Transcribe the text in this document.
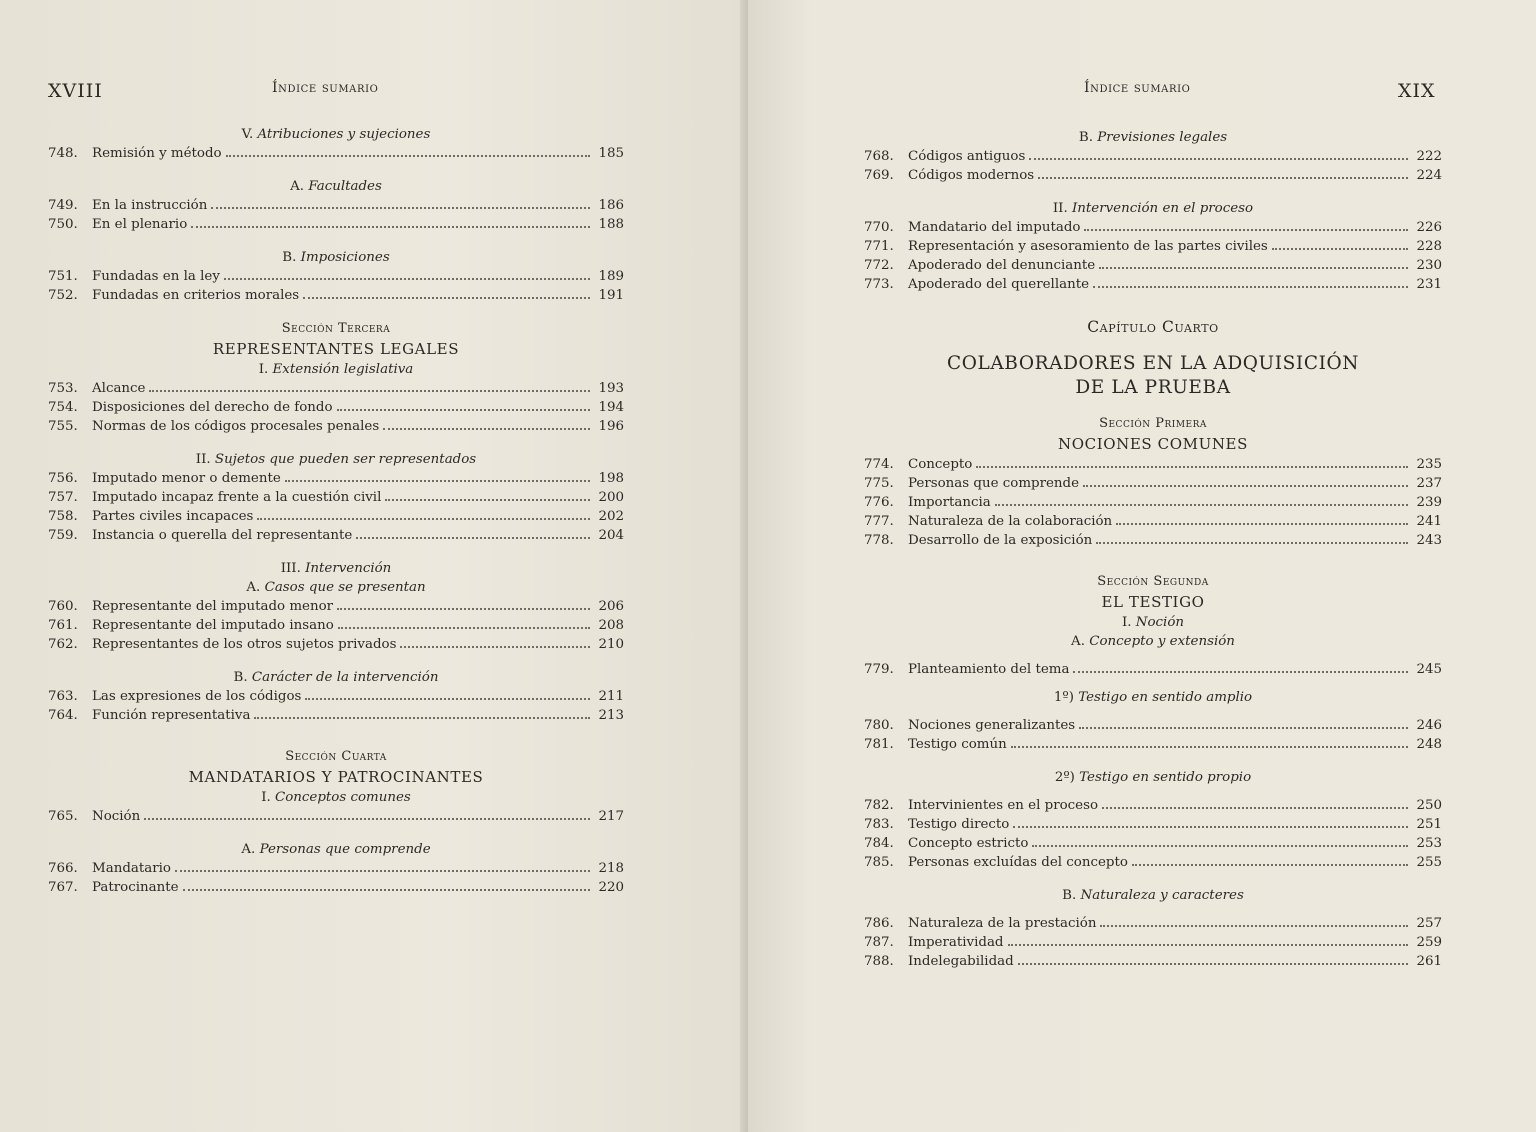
XVIII	Índice sumario
V. Atribuciones y sujeciones
748.	Remisión y método	185
A. Facultades
749.	En la instrucción	186
750.	En el plenario	188
B. Imposiciones
751.	Fundadas en la ley	189
752.	Fundadas en criterios morales	191
Sección Tercera
REPRESENTANTES LEGALES
I. Extensión legislativa
753.	Alcance	193
754.	Disposiciones del derecho de fondo	194
755.	Normas de los códigos procesales penales	196
II. Sujetos que pueden ser representados
756.	Imputado menor o demente	198
757.	Imputado incapaz frente a la cuestión civil	200
758.	Partes civiles incapaces	202
759.	Instancia o querella del representante	204
III. Intervención
A. Casos que se presentan
760.	Representante del imputado menor	206
761.	Representante del imputado insano	208
762.	Representantes de los otros sujetos privados	210
B. Carácter de la intervención
763.	Las expresiones de los códigos	211
764.	Función representativa	213
Sección Cuarta
MANDATARIOS Y PATROCINANTES
I. Conceptos comunes
765.	Noción	217
A. Personas que comprende
766.	Mandatario	218
767.	Patrocinante	220
Índice sumario	XIX
B. Previsiones legales
768.	Códigos antiguos	222
769.	Códigos modernos	224
II. Intervención en el proceso
770.	Mandatario del imputado	226
771.	Representación y asesoramiento de las partes civiles	228
772.	Apoderado del denunciante	230
773.	Apoderado del querellante	231
Capítulo Cuarto
COLABORADORES EN LA ADQUISICIÓN
DE LA PRUEBA
Sección Primera
NOCIONES COMUNES
774.	Concepto	235
775.	Personas que comprende	237
776.	Importancia	239
777.	Naturaleza de la colaboración	241
778.	Desarrollo de la exposición	243
Sección Segunda
EL TESTIGO
I. Noción
A. Concepto y extensión
779.	Planteamiento del tema	245
1º) Testigo en sentido amplio
780.	Nociones generalizantes	246
781.	Testigo común	248
2º) Testigo en sentido propio
782.	Intervinientes en el proceso	250
783.	Testigo directo	251
784.	Concepto estricto	253
785.	Personas excluídas del concepto	255
B. Naturaleza y caracteres
786.	Naturaleza de la prestación	257
787.	Imperatividad	259
788.	Indelegabilidad	261
